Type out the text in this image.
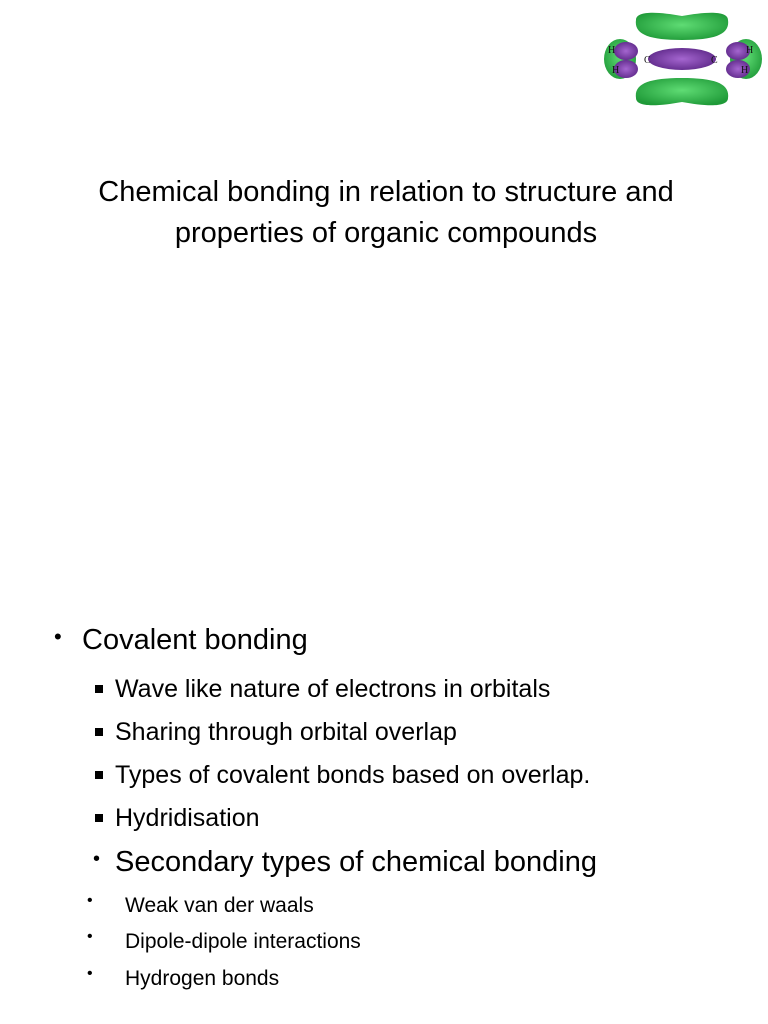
H
H
C	C
H
H
Chemical bonding in relation to structure and properties of organic compounds
• Covalent bonding
Wave like nature of electrons in orbitals
Sharing through orbital overlap
Types of covalent bonds based on overlap.
Hydridisation
• Secondary types of chemical bonding
• Weak van der waals
• Dipole-dipole interactions
• Hydrogen bonds
